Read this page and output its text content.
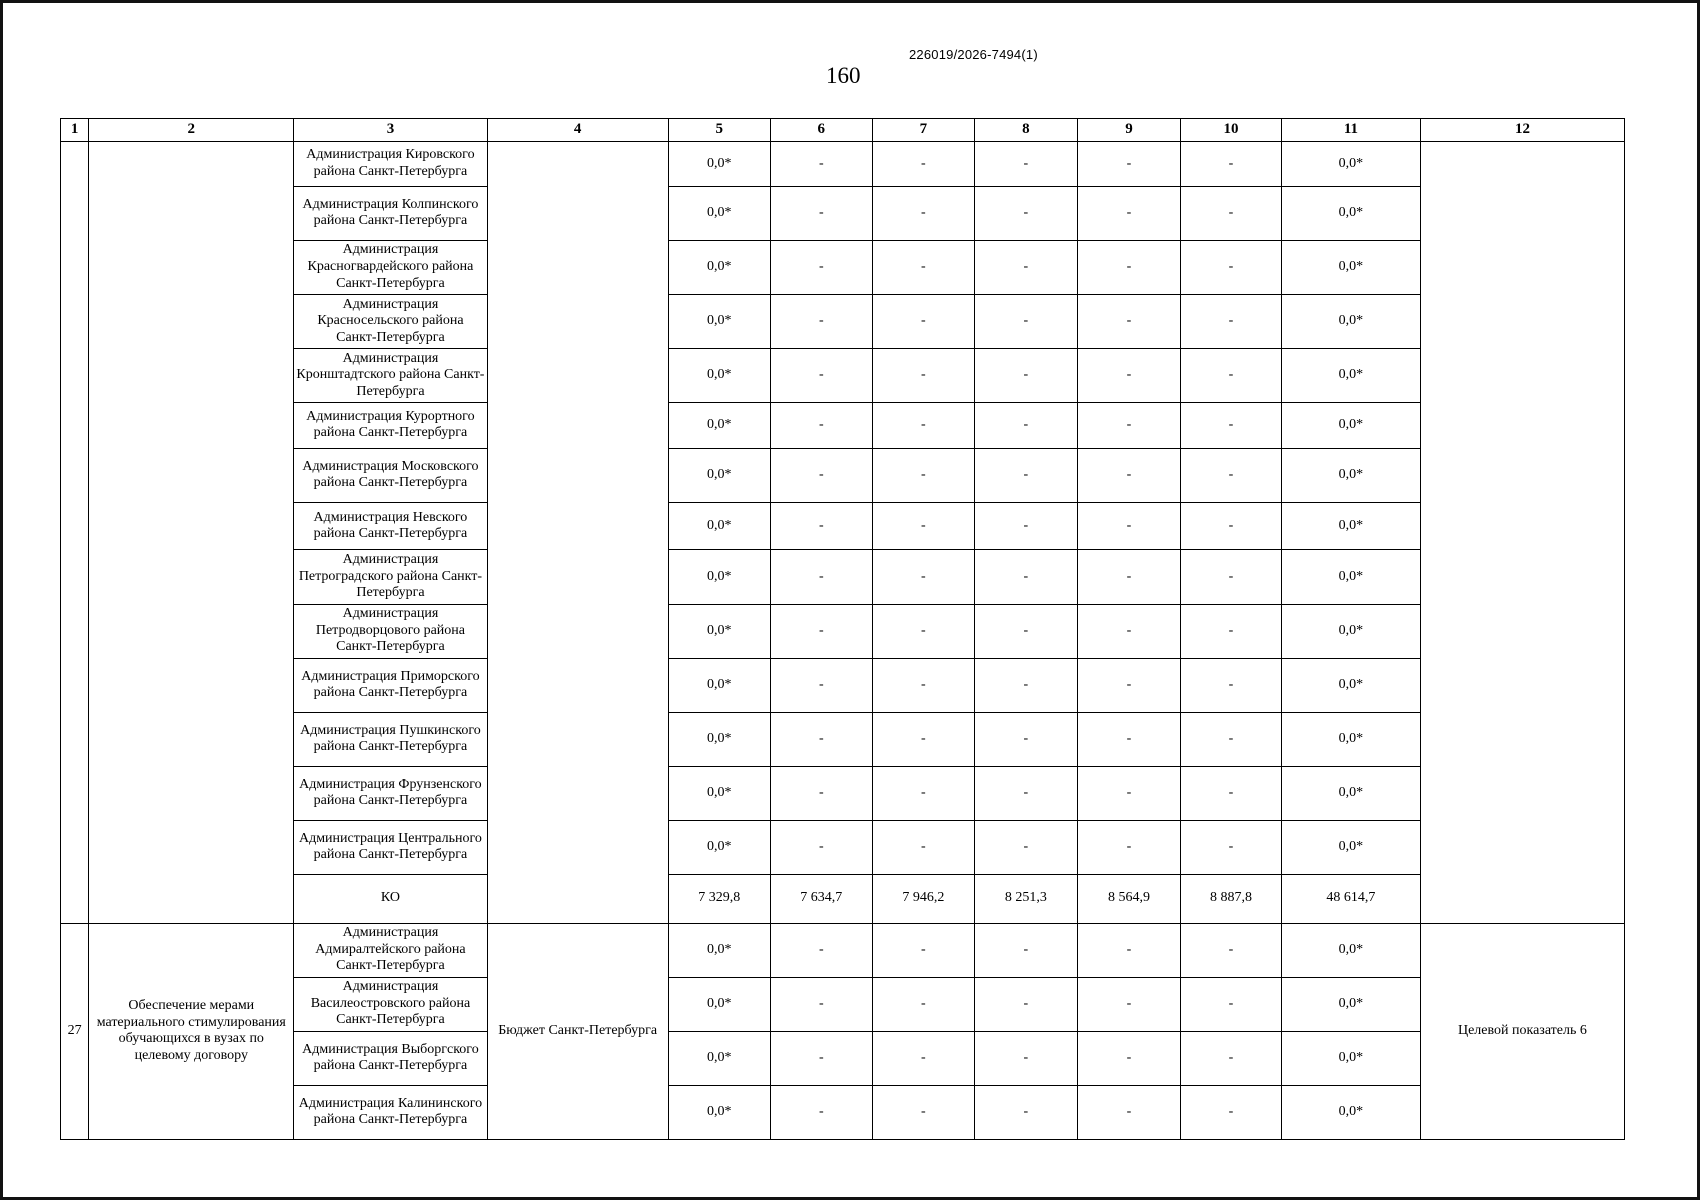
226019/2026-7494(1)
160
1	2	3	4	5	6	7	8	9	10	11	12
		Администрация Кировского района Санкт-Петербурга		0,0*	-	-	-	-	-	0,0*	
		Администрация Колпинского района Санкт-Петербурга		0,0*	-	-	-	-	-	0,0*	
		Администрация Красногвардейского района Санкт-Петербурга		0,0*	-	-	-	-	-	0,0*	
		Администрация Красносельского района Санкт-Петербурга		0,0*	-	-	-	-	-	0,0*	
		Администрация Кронштадтского района Санкт-Петербурга		0,0*	-	-	-	-	-	0,0*	
		Администрация Курортного района Санкт-Петербурга		0,0*	-	-	-	-	-	0,0*	
		Администрация Московского района Санкт-Петербурга		0,0*	-	-	-	-	-	0,0*	
		Администрация Невского района Санкт-Петербурга		0,0*	-	-	-	-	-	0,0*	
		Администрация Петроградского района Санкт-Петербурга		0,0*	-	-	-	-	-	0,0*	
		Администрация Петродворцового района Санкт-Петербурга		0,0*	-	-	-	-	-	0,0*	
		Администрация Приморского района Санкт-Петербурга		0,0*	-	-	-	-	-	0,0*	
		Администрация Пушкинского района Санкт-Петербурга		0,0*	-	-	-	-	-	0,0*	
		Администрация Фрунзенского района Санкт-Петербурга		0,0*	-	-	-	-	-	0,0*	
		Администрация Центрального района Санкт-Петербурга		0,0*	-	-	-	-	-	0,0*	
		КО		7 329,8	7 634,7	7 946,2	8 251,3	8 564,9	8 887,8	48 614,7	
27	Обеспечение мерами материального стимулирования обучающихся в вузах по целевому договору	Администрация Адмиралтейского района Санкт-Петербурга	Бюджет Санкт-Петербурга	0,0*	-	-	-	-	-	0,0*	Целевой показатель 6
		Администрация Василеостровского района Санкт-Петербурга		0,0*	-	-	-	-	-	0,0*	
		Администрация Выборгского района Санкт-Петербурга		0,0*	-	-	-	-	-	0,0*	
		Администрация Калининского района Санкт-Петербурга		0,0*	-	-	-	-	-	0,0*	
